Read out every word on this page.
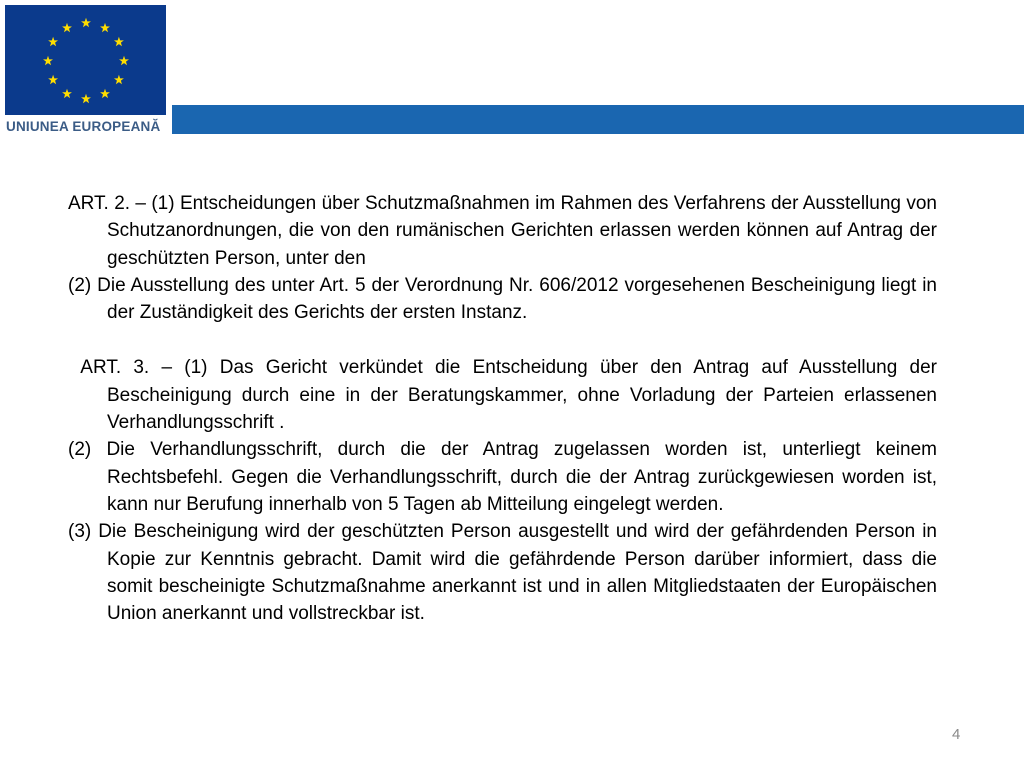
UNIUNEA EUROPEANĂ

ART. 2. – (1) Entscheidungen über Schutzmaßnahmen im Rahmen des Verfahrens der Ausstellung von Schutzanordnungen, die von den rumänischen Gerichten erlassen werden können auf Antrag der geschützten Person, unter den

(2) Die Ausstellung des unter Art. 5 der Verordnung Nr. 606/2012 vorgesehenen Bescheinigung liegt in der Zuständigkeit des Gerichts der ersten Instanz.

ART. 3. – (1) Das Gericht verkündet die Entscheidung über den Antrag auf Ausstellung der Bescheinigung durch eine in der Beratungskammer, ohne Vorladung der Parteien erlassenen Verhandlungsschrift .

(2) Die Verhandlungsschrift, durch die der Antrag zugelassen worden ist, unterliegt keinem Rechtsbefehl. Gegen die Verhandlungsschrift, durch die der Antrag zurückgewiesen worden ist, kann nur Berufung innerhalb von 5 Tagen ab Mitteilung eingelegt werden.

(3) Die Bescheinigung wird der geschützten Person ausgestellt und wird der gefährdenden Person in Kopie zur Kenntnis gebracht. Damit wird die gefährdende Person darüber informiert, dass die somit bescheinigte Schutzmaßnahme anerkannt ist und in allen Mitgliedstaaten der Europäischen Union anerkannt und vollstreckbar ist.

4
